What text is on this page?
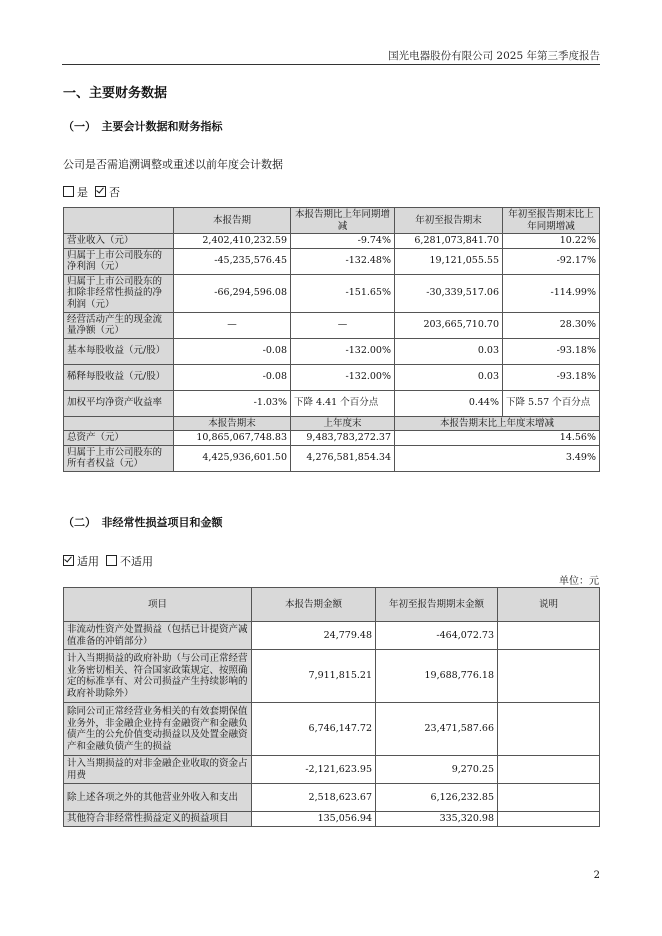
国光电器股份有限公司 2025 年第三季度报告
一、主要财务数据
（一）　主要会计数据和财务指标
公司是否需追溯调整或重述以前年度会计数据
是 否
	本报告期	本报告期比上年同期增减	年初至报告期末	年初至报告期末比上年同期增减
营业收入（元）	2,402,410,232.59	-9.74%	6,281,073,841.70	10.22%
归属于上市公司股东的净利润（元）	-45,235,576.45	-132.48%	19,121,055.55	-92.17%
归属于上市公司股东的扣除非经常性损益的净利润（元）	-66,294,596.08	-151.65%	-30,339,517.06	-114.99%
经营活动产生的现金流量净额（元）	—	—	203,665,710.70	28.30%
基本每股收益（元/股）	-0.08	-132.00%	0.03	-93.18%
稀释每股收益（元/股）	-0.08	-132.00%	0.03	-93.18%
加权平均净资产收益率	-1.03%	下降 4.41 个百分点	0.44%	下降 5.57 个百分点
	本报告期末	上年度末	本报告期末比上年度末增减	
总资产（元）	10,865,067,748.83	9,483,783,272.37	14.56%	
归属于上市公司股东的所有者权益（元）	4,425,936,601.50	4,276,581,854.34	3.49%	
（二）　非经常性损益项目和金额
适用 不适用
单位：元
项目	本报告期金额	年初至报告期期末金额	说明
非流动性资产处置损益（包括已计提资产减值准备的冲销部分）	24,779.48	-464,072.73	
计入当期损益的政府补助（与公司正常经营业务密切相关、符合国家政策规定、按照确定的标准享有、对公司损益产生持续影响的政府补助除外）	7,911,815.21	19,688,776.18	
除同公司正常经营业务相关的有效套期保值业务外，非金融企业持有金融资产和金融负债产生的公允价值变动损益以及处置金融资产和金融负债产生的损益	6,746,147.72	23,471,587.66	
计入当期损益的对非金融企业收取的资金占用费	-2,121,623.95	9,270.25	
除上述各项之外的其他营业外收入和支出	2,518,623.67	6,126,232.85	
其他符合非经常性损益定义的损益项目	135,056.94	335,320.98	
2
